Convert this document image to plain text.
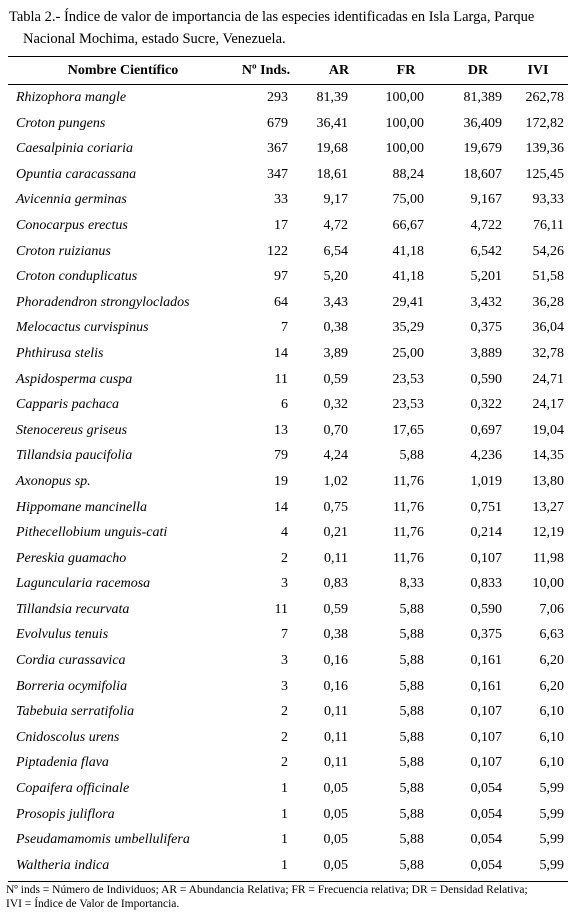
Tabla 2.- Índice de valor de importancia de las especies identificadas en Isla Larga, Parque
Nacional Mochima, estado Sucre, Venezuela.
Nombre Científico	Nº Inds.	AR	FR	DR	IVI
Rhizophora mangle	293	81,39	100,00	81,389	262,78
Croton pungens	679	36,41	100,00	36,409	172,82
Caesalpinia coriaria	367	19,68	100,00	19,679	139,36
Opuntia caracassana	347	18,61	88,24	18,607	125,45
Avicennia germinas	33	9,17	75,00	9,167	93,33
Conocarpus erectus	17	4,72	66,67	4,722	76,11
Croton ruizianus	122	6,54	41,18	6,542	54,26
Croton conduplicatus	97	5,20	41,18	5,201	51,58
Phoradendron strongyloclados	64	3,43	29,41	3,432	36,28
Melocactus curvispinus	7	0,38	35,29	0,375	36,04
Phthirusa stelis	14	3,89	25,00	3,889	32,78
Aspidosperma cuspa	11	0,59	23,53	0,590	24,71
Capparis pachaca	6	0,32	23,53	0,322	24,17
Stenocereus griseus	13	0,70	17,65	0,697	19,04
Tillandsia paucifolia	79	4,24	5,88	4,236	14,35
Axonopus sp.	19	1,02	11,76	1,019	13,80
Hippomane mancinella	14	0,75	11,76	0,751	13,27
Pithecellobium unguis-cati	4	0,21	11,76	0,214	12,19
Pereskia guamacho	2	0,11	11,76	0,107	11,98
Laguncularia racemosa	3	0,83	8,33	0,833	10,00
Tillandsia recurvata	11	0,59	5,88	0,590	7,06
Evolvulus tenuis	7	0,38	5,88	0,375	6,63
Cordia curassavica	3	0,16	5,88	0,161	6,20
Borreria ocymifolia	3	0,16	5,88	0,161	6,20
Tabebuia serratifolia	2	0,11	5,88	0,107	6,10
Cnidoscolus urens	2	0,11	5,88	0,107	6,10
Piptadenia flava	2	0,11	5,88	0,107	6,10
Copaifera officinale	1	0,05	5,88	0,054	5,99
Prosopis juliflora	1	0,05	5,88	0,054	5,99
Pseudamamomis umbellulifera	1	0,05	5,88	0,054	5,99
Waltheria indica	1	0,05	5,88	0,054	5,99
Nº inds = Número de Individuos; AR = Abundancia Relativa; FR = Frecuencia relativa; DR = Densidad Relativa;
IVI = Índice de Valor de Importancia.
